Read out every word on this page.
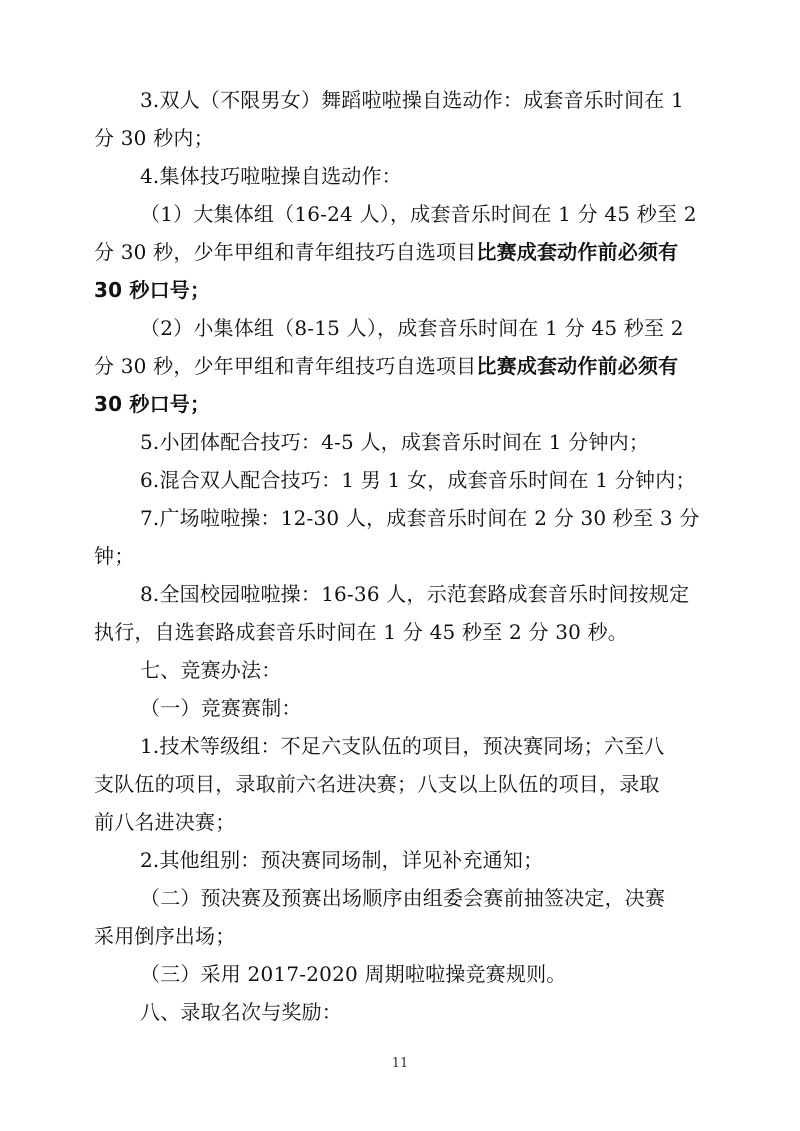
3.双人（不限男女）舞蹈啦啦操自选动作：成套音乐时间在 1
分 30 秒内；
4.集体技巧啦啦操自选动作：
（1）大集体组（16-24 人），成套音乐时间在 1 分 45 秒至 2
分 30 秒，少年甲组和青年组技巧自选项目比赛成套动作前必须有
30 秒口号；
（2）小集体组（8-15 人），成套音乐时间在 1 分 45 秒至 2
分 30 秒，少年甲组和青年组技巧自选项目比赛成套动作前必须有
30 秒口号；
5.小团体配合技巧：4-5 人，成套音乐时间在 1 分钟内；
6.混合双人配合技巧：1 男 1 女，成套音乐时间在 1 分钟内；
7.广场啦啦操：12-30 人，成套音乐时间在 2 分 30 秒至 3 分
钟；
8.全国校园啦啦操：16-36 人，示范套路成套音乐时间按规定
执行，自选套路成套音乐时间在 1 分 45 秒至 2 分 30 秒。
七、竞赛办法：
（一）竞赛赛制：
1.技术等级组：不足六支队伍的项目，预决赛同场；六至八
支队伍的项目，录取前六名进决赛；八支以上队伍的项目，录取
前八名进决赛；
2.其他组别：预决赛同场制，详见补充通知；
（二）预决赛及预赛出场顺序由组委会赛前抽签决定，决赛
采用倒序出场；
（三）采用 2017-2020 周期啦啦操竞赛规则。
八、录取名次与奖励：
11
